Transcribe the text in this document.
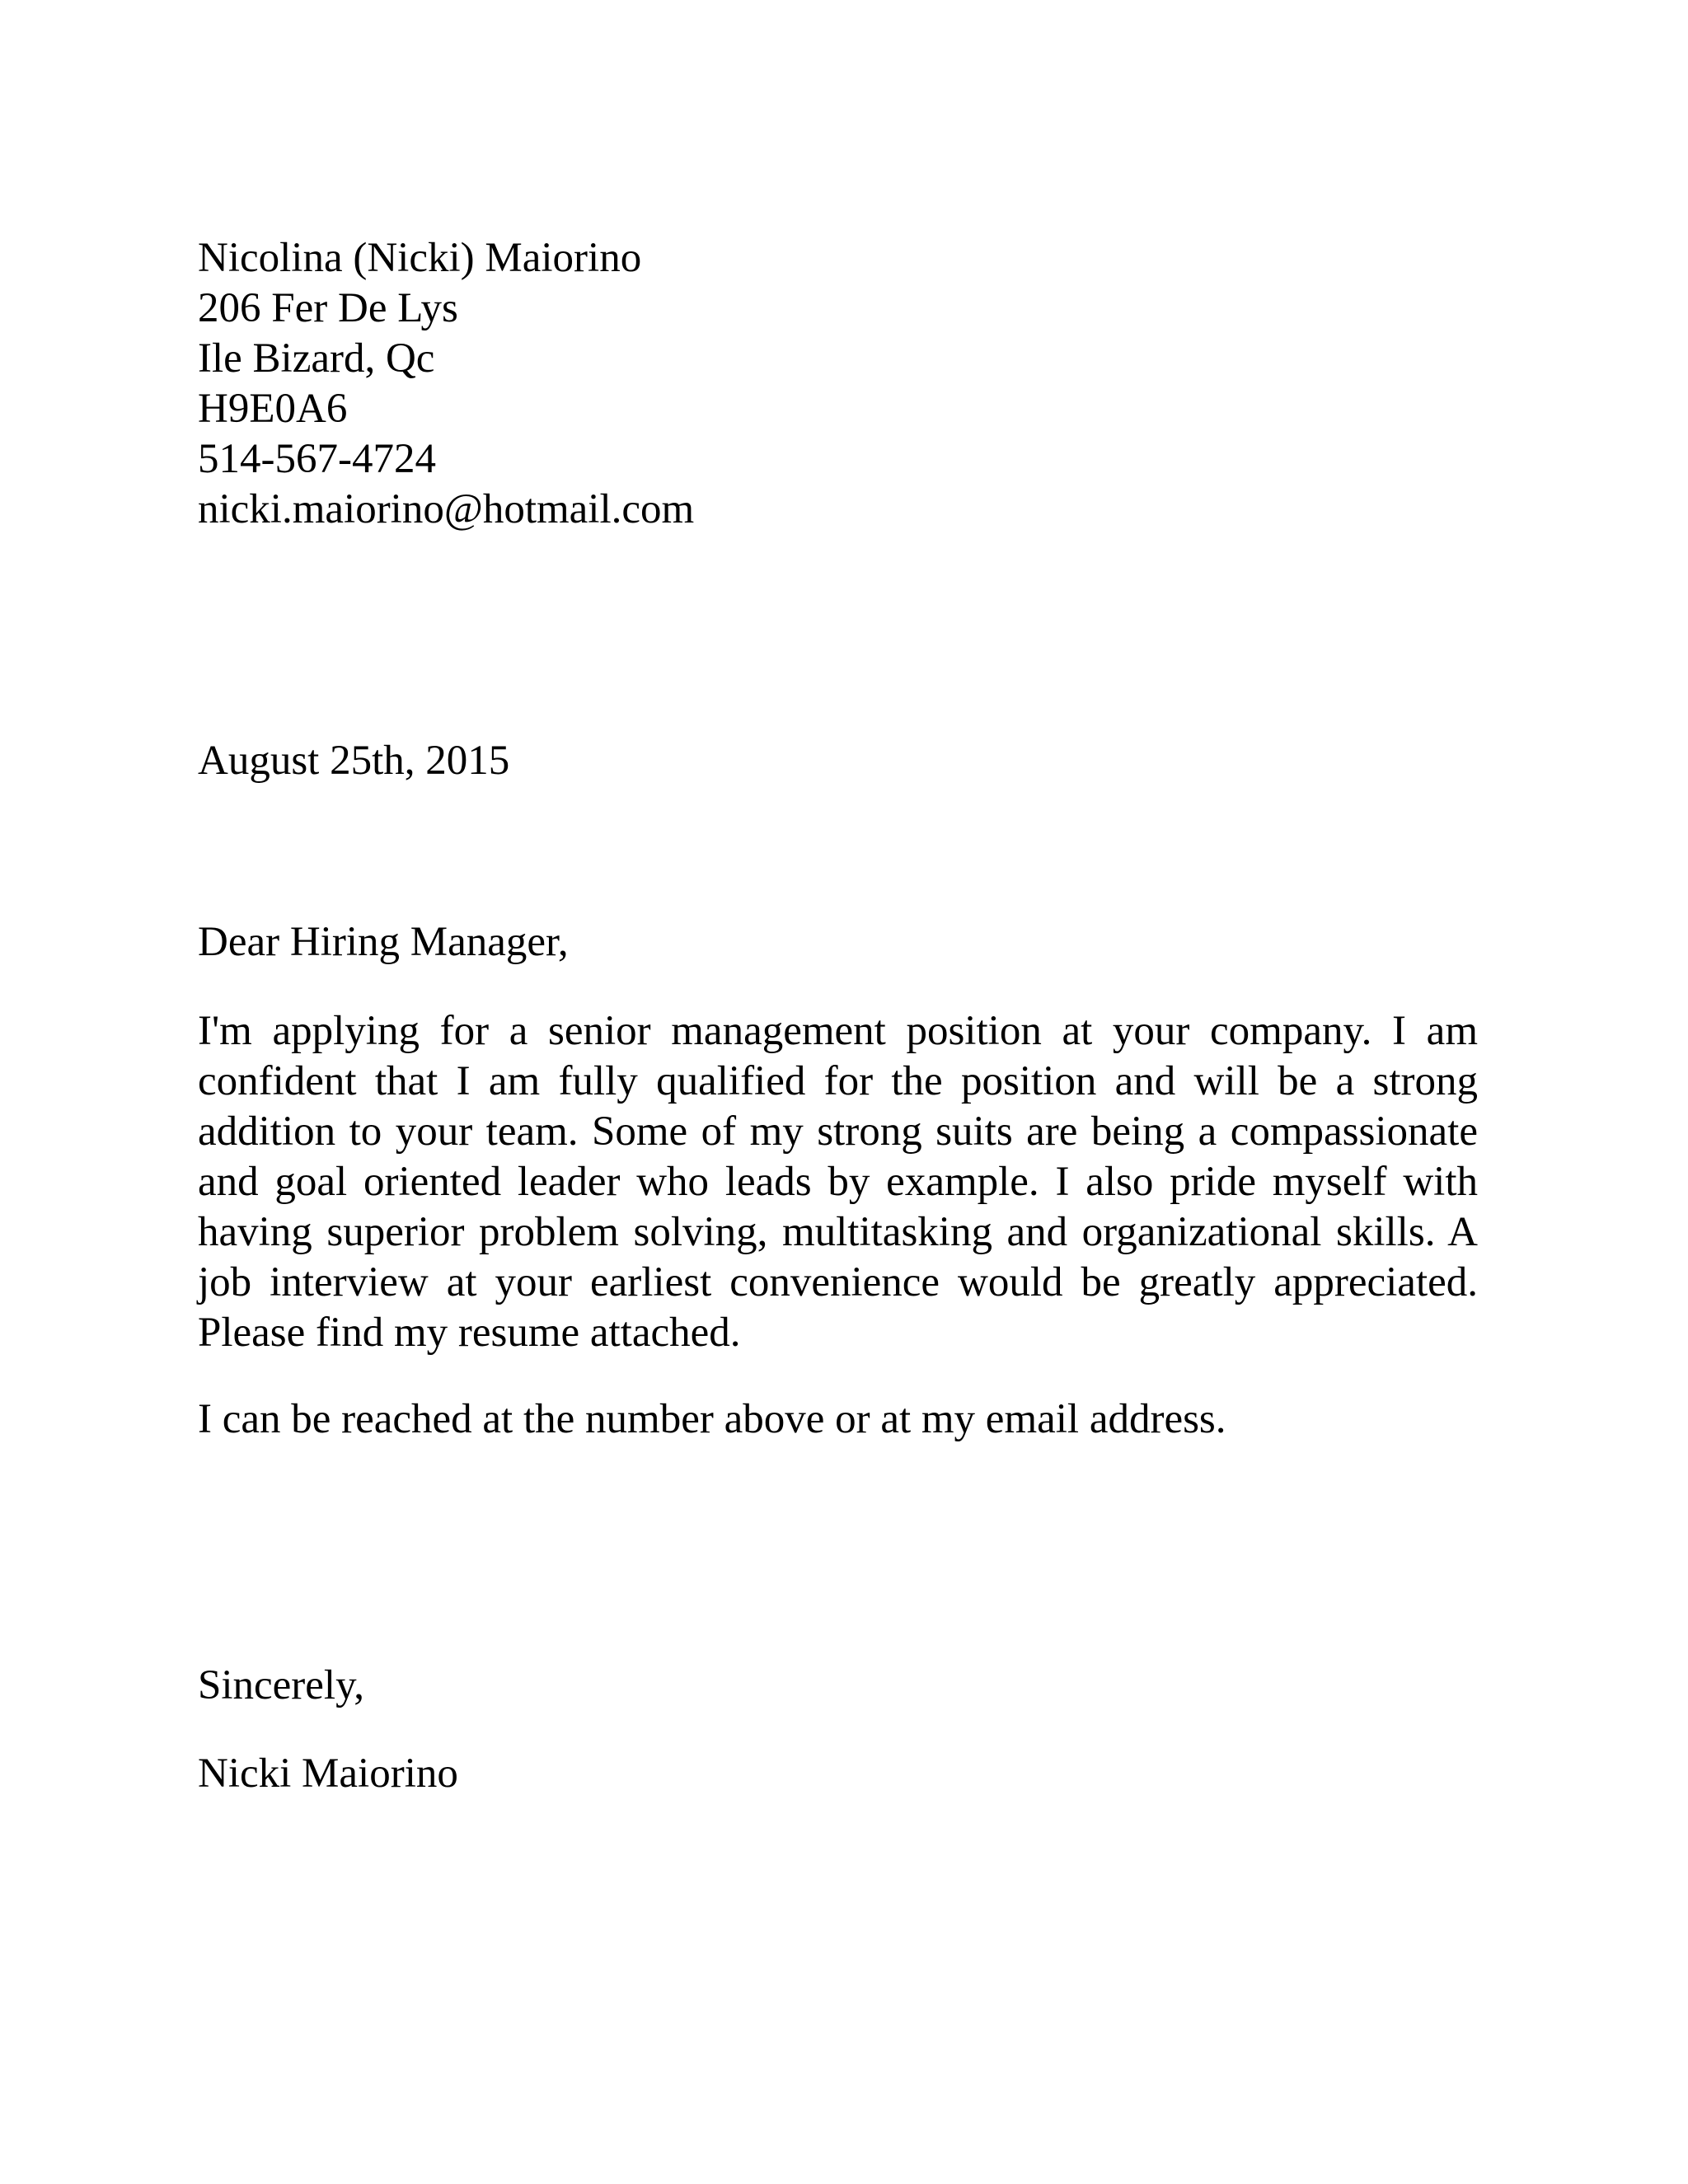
Nicolina (Nicki) Maiorino
206 Fer De Lys
Ile Bizard, Qc
H9E0A6
514-567-4724
nicki.maiorino@hotmail.com
August 25th, 2015
Dear Hiring Manager,
I'm applying for a senior management position at your company. I am confident that I am fully qualified for the position and will be a strong addition to your team. Some of my strong suits are being a compassionate and goal oriented leader who leads by example. I also pride myself with having superior problem solving, multitasking and organizational skills. A job interview at your earliest convenience would be greatly appreciated. Please find my resume attached.
I can be reached at the number above or at my email address.
Sincerely,
Nicki Maiorino
